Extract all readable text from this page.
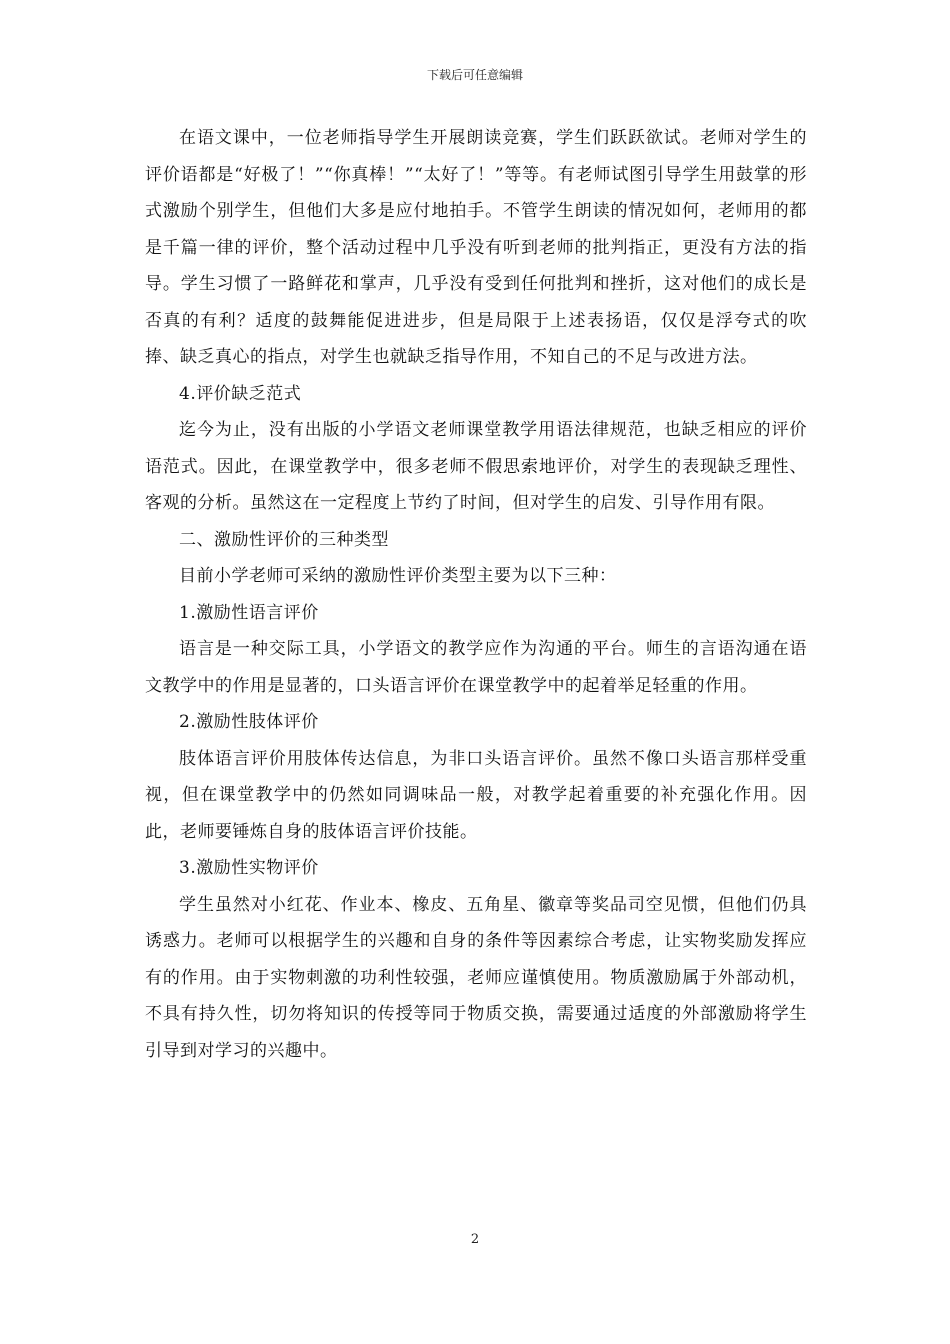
下载后可任意编辑

在语文课中，一位老师指导学生开展朗读竞赛，学生们跃跃欲试。老师对学生的评价语都是“好极了！”“你真棒！”“太好了！”等等。有老师试图引导学生用鼓掌的形式激励个别学生，但他们大多是应付地拍手。不管学生朗读的情况如何，老师用的都是千篇一律的评价，整个活动过程中几乎没有听到老师的批判指正，更没有方法的指导。学生习惯了一路鲜花和掌声，几乎没有受到任何批判和挫折，这对他们的成长是否真的有利？适度的鼓舞能促进进步，但是局限于上述表扬语，仅仅是浮夸式的吹捧、缺乏真心的指点，对学生也就缺乏指导作用，不知自己的不足与改进方法。

4.评价缺乏范式

迄今为止，没有出版的小学语文老师课堂教学用语法律规范，也缺乏相应的评价语范式。因此，在课堂教学中，很多老师不假思索地评价，对学生的表现缺乏理性、客观的分析。虽然这在一定程度上节约了时间，但对学生的启发、引导作用有限。

二、激励性评价的三种类型

目前小学老师可采纳的激励性评价类型主要为以下三种：

1.激励性语言评价

语言是一种交际工具，小学语文的教学应作为沟通的平台。师生的言语沟通在语文教学中的作用是显著的，口头语言评价在课堂教学中的起着举足轻重的作用。

2.激励性肢体评价

肢体语言评价用肢体传达信息，为非口头语言评价。虽然不像口头语言那样受重视，但在课堂教学中的仍然如同调味品一般，对教学起着重要的补充强化作用。因此，老师要锤炼自身的肢体语言评价技能。

3.激励性实物评价

学生虽然对小红花、作业本、橡皮、五角星、徽章等奖品司空见惯，但他们仍具诱惑力。老师可以根据学生的兴趣和自身的条件等因素综合考虑，让实物奖励发挥应有的作用。由于实物刺激的功利性较强，老师应谨慎使用。物质激励属于外部动机，不具有持久性，切勿将知识的传授等同于物质交换，需要通过适度的外部激励将学生引导到对学习的兴趣中。

2
